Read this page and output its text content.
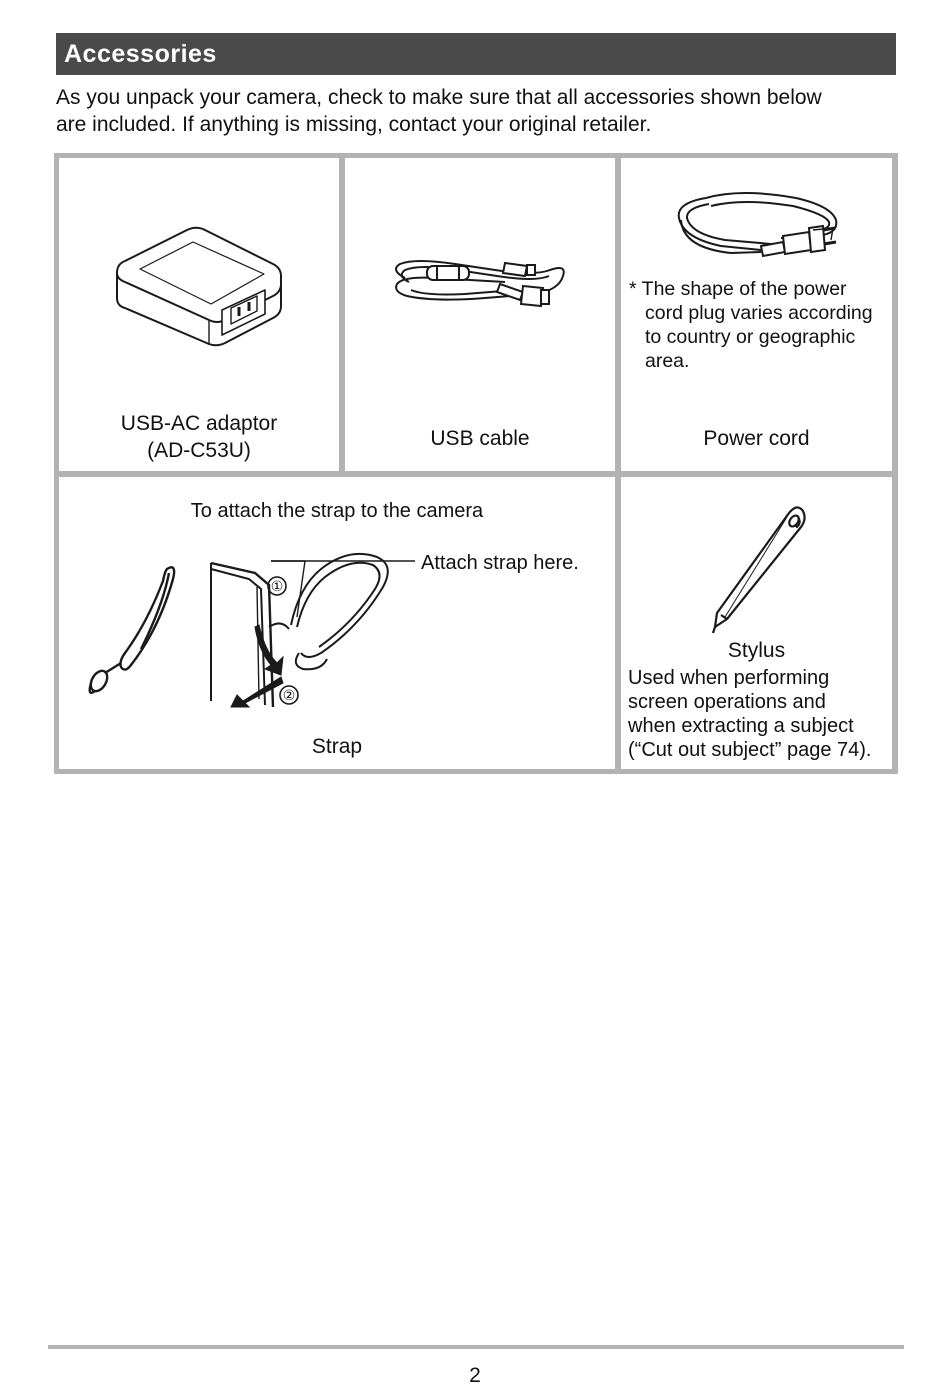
Accessories
As you unpack your camera, check to make sure that all accessories shown below
are included. If anything is missing, contact your original retailer.
USB-AC adaptor
(AD-C53U)
USB cable
* The shape of the power
cord plug varies according
to country or geographic
area.
Power cord
To attach the strap to the camera
①
②
Attach strap here.
Strap
Stylus
Used when performing
screen operations and
when extracting a subject
(“Cut out subject” page 74).
2
